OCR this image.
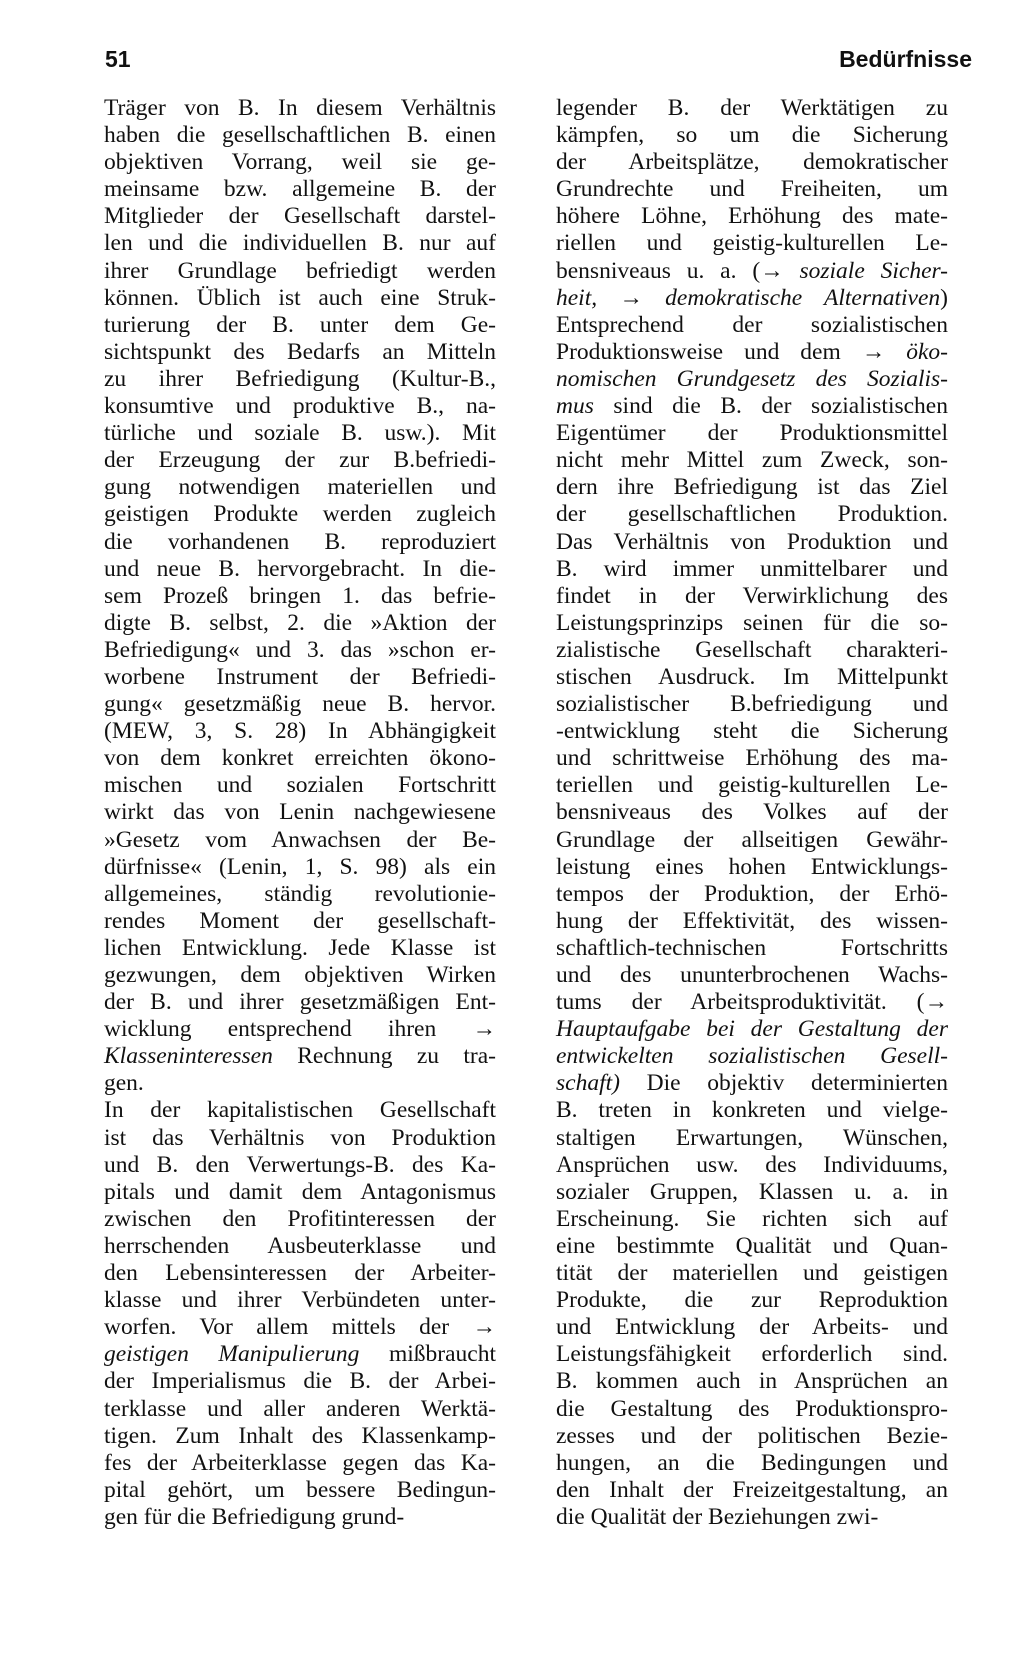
51	Bedürfnisse
Träger von B. In diesem Verhältnis
haben die gesellschaftlichen B. einen
objektiven Vorrang, weil sie ge-
meinsame bzw. allgemeine B. der
Mitglieder der Gesellschaft darstel-
len und die individuellen B. nur auf
ihrer Grundlage befriedigt werden
können. Üblich ist auch eine Struk-
turierung der B. unter dem Ge-
sichtspunkt des Bedarfs an Mitteln
zu ihrer Befriedigung (Kultur-B.,
konsumtive und produktive B., na-
türliche und soziale B. usw.). Mit
der Erzeugung der zur B.befriedi-
gung notwendigen materiellen und
geistigen Produkte werden zugleich
die vorhandenen B. reproduziert
und neue B. hervorgebracht. In die-
sem Prozeß bringen 1. das befrie-
digte B. selbst, 2. die »Aktion der
Befriedigung« und 3. das »schon er-
worbene Instrument der Befriedi-
gung« gesetzmäßig neue B. hervor.
(MEW, 3, S. 28) In Abhängigkeit
von dem konkret erreichten ökono-
mischen und sozialen Fortschritt
wirkt das von Lenin nachgewiesene
»Gesetz vom Anwachsen der Be-
dürfnisse« (Lenin, 1, S. 98) als ein
allgemeines, ständig revolutionie-
rendes Moment der gesellschaft-
lichen Entwicklung. Jede Klasse ist
gezwungen, dem objektiven Wirken
der B. und ihrer gesetzmäßigen Ent-
wicklung entsprechend ihren →
Klasseninteressen Rechnung zu tra-
gen.
In der kapitalistischen Gesellschaft
ist das Verhältnis von Produktion
und B. den Verwertungs-B. des Ka-
pitals und damit dem Antagonismus
zwischen den Profitinteressen der
herrschenden Ausbeuterklasse und
den Lebensinteressen der Arbeiter-
klasse und ihrer Verbündeten unter-
worfen. Vor allem mittels der →
geistigen Manipulierung mißbraucht
der Imperialismus die B. der Arbei-
terklasse und aller anderen Werktä-
tigen. Zum Inhalt des Klassenkamp-
fes der Arbeiterklasse gegen das Ka-
pital gehört, um bessere Bedingun-
gen für die Befriedigung grund-
legender B. der Werktätigen zu
kämpfen, so um die Sicherung
der Arbeitsplätze, demokratischer
Grundrechte und Freiheiten, um
höhere Löhne, Erhöhung des mate-
riellen und geistig-kulturellen Le-
bensniveaus u. a. (→ soziale Sicher-
heit, → demokratische Alternativen)
Entsprechend der sozialistischen
Produktionsweise und dem → öko-
nomischen Grundgesetz des Sozialis-
mus sind die B. der sozialistischen
Eigentümer der Produktionsmittel
nicht mehr Mittel zum Zweck, son-
dern ihre Befriedigung ist das Ziel
der gesellschaftlichen Produktion.
Das Verhältnis von Produktion und
B. wird immer unmittelbarer und
findet in der Verwirklichung des
Leistungsprinzips seinen für die so-
zialistische Gesellschaft charakteri-
stischen Ausdruck. Im Mittelpunkt
sozialistischer B.befriedigung und
-entwicklung steht die Sicherung
und schrittweise Erhöhung des ma-
teriellen und geistig-kulturellen Le-
bensniveaus des Volkes auf der
Grundlage der allseitigen Gewähr-
leistung eines hohen Entwicklungs-
tempos der Produktion, der Erhö-
hung der Effektivität, des wissen-
schaftlich-technischen Fortschritts
und des ununterbrochenen Wachs-
tums der Arbeitsproduktivität. (→
Hauptaufgabe bei der Gestaltung der
entwickelten sozialistischen Gesell-
schaft) Die objektiv determinierten
B. treten in konkreten und vielge-
staltigen Erwartungen, Wünschen,
Ansprüchen usw. des Individuums,
sozialer Gruppen, Klassen u. a. in
Erscheinung. Sie richten sich auf
eine bestimmte Qualität und Quan-
tität der materiellen und geistigen
Produkte, die zur Reproduktion
und Entwicklung der Arbeits- und
Leistungsfähigkeit erforderlich sind.
B. kommen auch in Ansprüchen an
die Gestaltung des Produktionspro-
zesses und der politischen Bezie-
hungen, an die Bedingungen und
den Inhalt der Freizeitgestaltung, an
die Qualität der Beziehungen zwi-
